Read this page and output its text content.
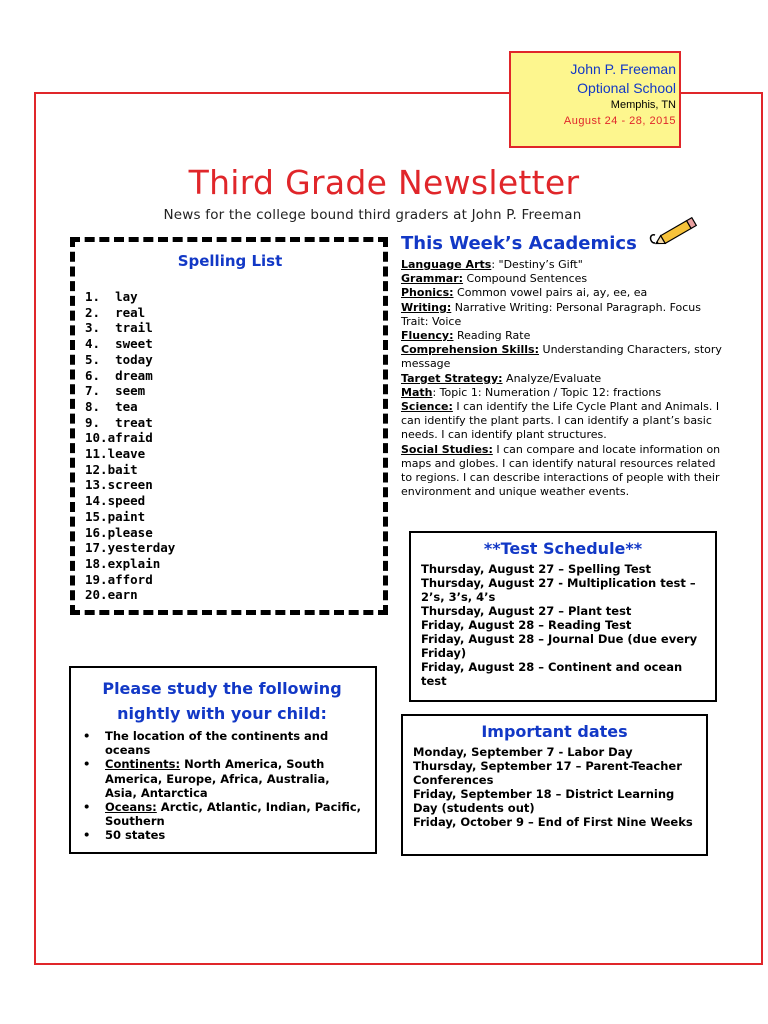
John P. Freeman
Optional School
Memphis, TN
August 24 - 28, 2015
Third Grade Newsletter
News for the college bound third graders at John P. Freeman
Spelling List
1.  lay
2.  real
3.  trail
4.  sweet
5.  today
6.  dream
7.  seem
8.  tea
9.  treat
10.afraid
11.leave
12.bait
13.screen
14.speed
15.paint
16.please
17.yesterday
18.explain
19.afford
20.earn
This Week’s Academics

Language Arts: "Destiny’s Gift"

Grammar: Compound Sentences

Phonics: Common vowel pairs ai, ay, ee, ea

Writing: Narrative Writing: Personal Paragraph. Focus Trait: Voice

Fluency: Reading Rate

Comprehension Skills: Understanding Characters, story message

Target Strategy: Analyze/Evaluate

Math: Topic 1: Numeration / Topic 12: fractions

Science: I can identify the Life Cycle Plant and Animals. I can identify the plant parts. I can identify a plant’s basic needs. I can identify plant structures.

Social Studies: I can compare and locate information on maps and globes. I can identify natural resources related to regions. I can describe interactions of people with their environment and unique weather events.

**Test Schedule**

Thursday, August 27 – Spelling Test

Thursday, August 27 - Multiplication test – 2’s, 3’s, 4’s

Thursday, August 27 – Plant test

Friday, August 28 – Reading Test

Friday, August 28 – Journal Due (due every Friday)

Friday, August 28 – Continent and ocean test

Important dates

Monday, September 7 - Labor Day

Thursday, September 17 – Parent-Teacher Conferences

Friday, September 18 – District Learning Day (students out)

Friday, October 9 – End of First Nine Weeks

Please study the following
nightly with your child:
• The location of the continents and oceans
• Continents: North America, South America, Europe, Africa, Australia, Asia, Antarctica
• Oceans: Arctic, Atlantic, Indian, Pacific, Southern
• 50 states
